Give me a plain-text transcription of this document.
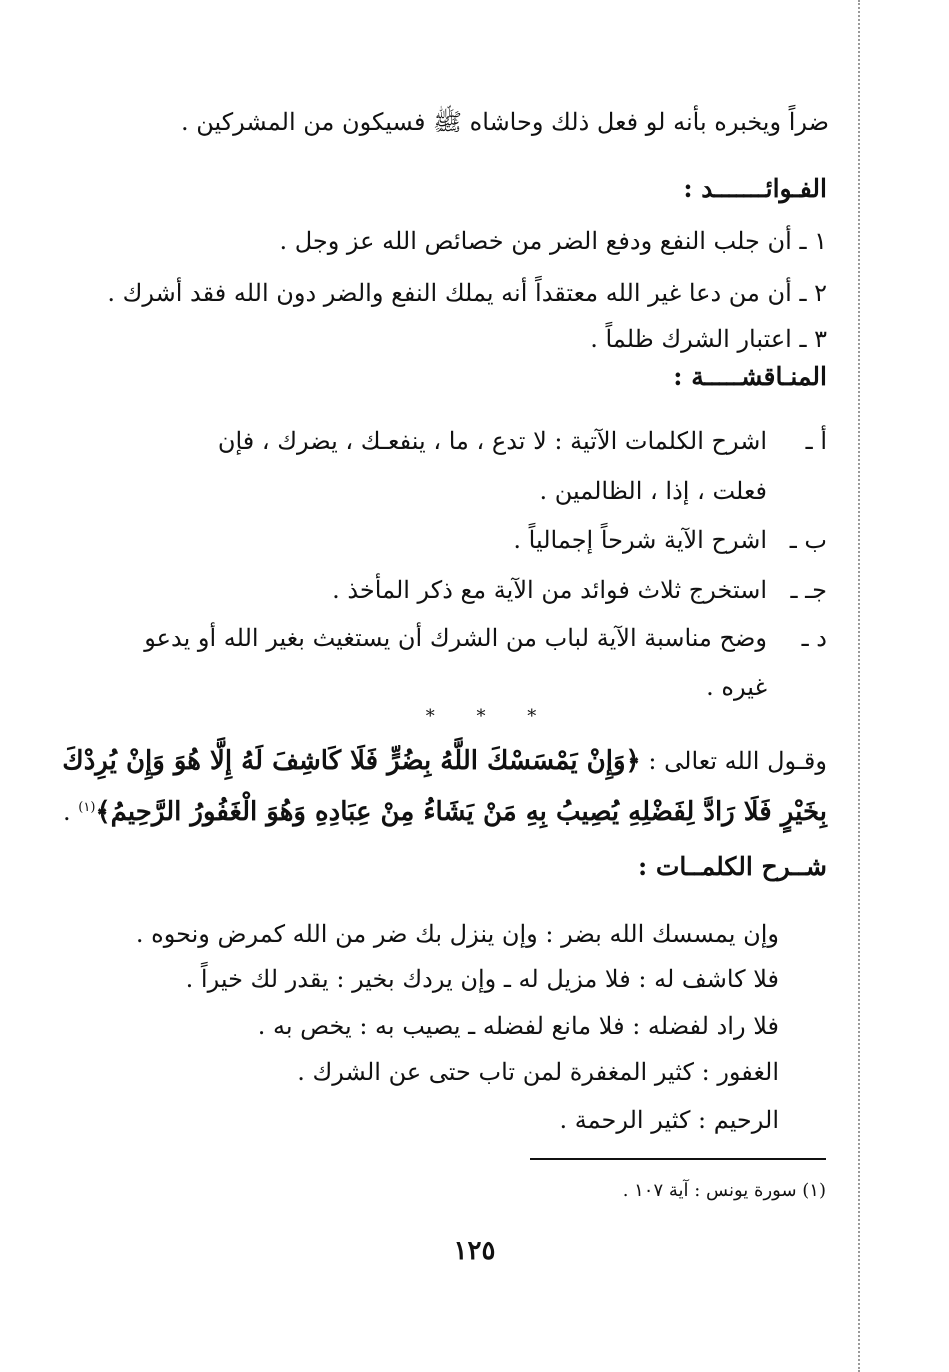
ضراً ويخبره بأنه لو فعل ذلك وحاشاه ﷺ فسيكون من المشركين .
الفـوائـــــــد :
١ ـ أن جلب النفع ودفع الضر من خصائص الله عز وجل .
٢ ـ أن من دعا غير الله معتقداً أنه يملك النفع والضر دون الله فقد أشرك .
٣ ـ اعتبار الشرك ظلماً .
المنـاقشـــــة :
أ ـ
اشرح الكلمات الآتية : لا تدع ، ما ، ينفعـك ، يضرك ، فإن
فعلت ، إذا ، الظالمين .
ب ـ
اشرح الآية شرحاً إجمالياً .
جـ ـ
استخرج ثلاث فوائد من الآية مع ذكر المأخذ .
د ـ
وضح مناسبة الآية لباب من الشرك أن يستغيث بغير الله أو يدعو
غيره .
* * *
وقـول الله تعالى : ﴿وَإِنْ يَمْسَسْكَ اللَّهُ بِضُرٍّ فَلَا كَاشِفَ لَهُ إِلَّا هُوَ وَإِنْ يُرِدْكَ
بِخَيْرٍ فَلَا رَادَّ لِفَضْلِهِ يُصِيبُ بِهِ مَنْ يَشَاءُ مِنْ عِبَادِهِ وَهُوَ الْغَفُورُ الرَّحِيمُ﴾$^{(١)}$ .
شــرح الكلمــات :
وإن يمسسك الله بضر : وإن ينزل بك ضر من الله كمرض ونحوه .
فلا كاشف له : فلا مزيل له ـ وإن يردك بخير : يقدر لك خيراً .
فلا راد لفضله : فلا مانع لفضله ـ يصيب به : يخص به .
الغفور : كثير المغفرة لمن تاب حتى عن الشرك .
الرحيم : كثير الرحمة .
(١) سورة يونس : آية ١٠٧ .
١٢٥
